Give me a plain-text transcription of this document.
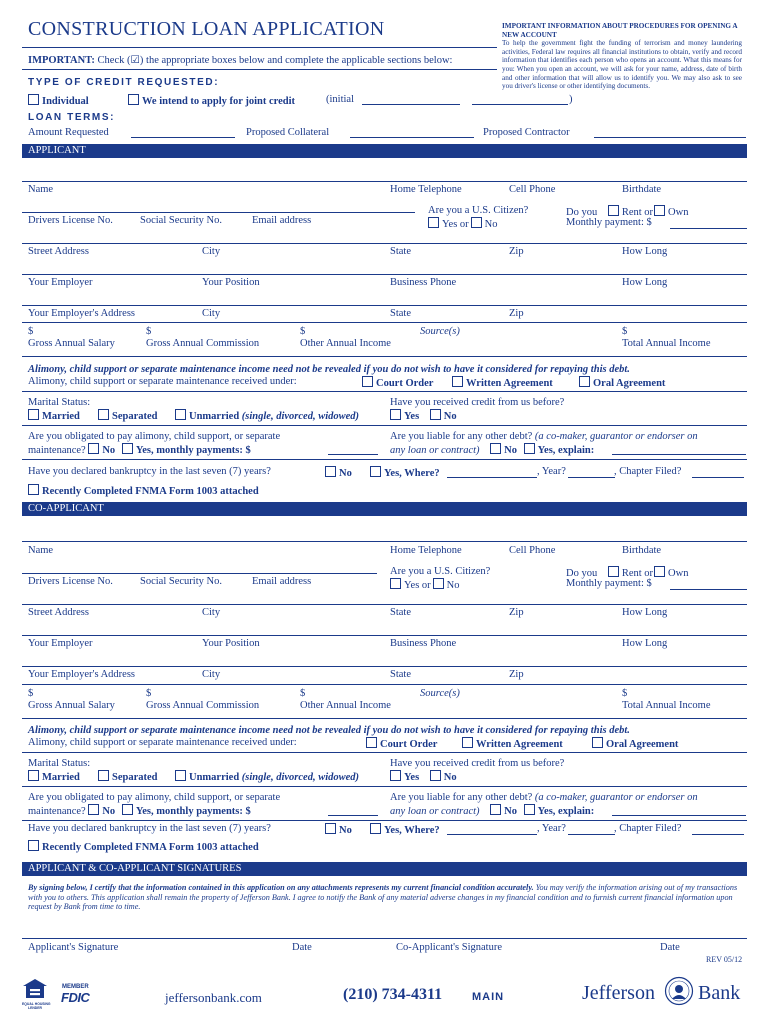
CONSTRUCTION LOAN APPLICATION
IMPORTANT: Check (☑) the appropriate boxes below and complete the applicable sections below:
IMPORTANT INFORMATION ABOUT PROCEDURES FOR OPENING A NEW ACCOUNT
To help the government fight the funding of terrorism and money laundering activities, Federal law requires all financial institutions to obtain, verify and record information that identifies each person who opens an account. What this means for you: When you open an account, we will ask for your name, address, date of birth and other information that will allow us to identify you. We may also ask to see you driver's license or other identifying documents.
TYPE OF CREDIT REQUESTED:
Individual	We intend to apply for joint credit	(initial	)
LOAN TERMS:
Amount Requested	Proposed Collateral	Proposed Contractor
APPLICANT
Name	Home Telephone	Cell Phone	Birthdate
Drivers License No.	Social Security No.	Email address
Are you a U.S. Citizen?
Yes or No
Do you Rent or Own
Monthly payment: $
Street Address	City	State	Zip	How Long
Your Employer	Your Position	Business Phone	How Long
Your Employer's Address	City	State	Zip
$	$	$	Source(s)	$
Gross Annual Salary	Gross Annual Commission	Other Annual Income	Total Annual Income
Alimony, child support or separate maintenance income need not be revealed if you do not wish to have it considered for repaying this debt.
Alimony, child support or separate maintenance received under:	Court Order	Written Agreement	Oral Agreement
Marital Status:
Married	Separated	Unmarried (single, divorced, widowed)
Have you received credit from us before?
Yes No
Are you obligated to pay alimony, child support, or separate
maintenance? No Yes, monthly payments: $
Are you liable for any other debt? (a co-maker, guarantor or endorser on
any loan or contract) No Yes, explain:
Have you declared bankruptcy in the last seven (7) years?	No	Yes, Where?	, Year?	, Chapter Filed?
Recently Completed FNMA Form 1003 attached
CO-APPLICANT
Name	Home Telephone	Cell Phone	Birthdate
Drivers License No.	Social Security No.	Email address
Are you a U.S. Citizen?
Yes or No
Do you Rent or Own
Monthly payment: $
Street Address	City	State	Zip	How Long
Your Employer	Your Position	Business Phone	How Long
Your Employer's Address	City	State	Zip
$	$	$	Source(s)	$
Gross Annual Salary	Gross Annual Commission	Other Annual Income	Total Annual Income
Alimony, child support or separate maintenance income need not be revealed if you do not wish to have it considered for repaying this debt.
Alimony, child support or separate maintenance received under:	Court Order	Written Agreement	Oral Agreement
Marital Status:
Married	Separated	Unmarried (single, divorced, widowed)
Have you received credit from us before?
Yes No
Are you obligated to pay alimony, child support, or separate
maintenance? No Yes, monthly payments: $
Are you liable for any other debt? (a co-maker, guarantor or endorser on
any loan or contract) No Yes, explain:
Have you declared bankruptcy in the last seven (7) years?	No	Yes, Where?	, Year?	, Chapter Filed?
Recently Completed FNMA Form 1003 attached
APPLICANT & CO-APPLICANT SIGNATURES
By signing below, I certify that the information contained in this application on any attachments represents my current financial condition accurately. You may verify the information arising out of my transactions with you to others. This application shall remain the property of Jefferson Bank. I agree to notify the Bank of any material adverse changes in my financial condition and to furnish current financial information upon request by Bank from time to time.
Applicant's Signature	Date	Co-Applicant's Signature	Date
REV 05/12
EQUAL HOUSING
LENDER
MEMBER
FDIC	jeffersonbank.com	(210) 734-4311	MAIN	Jefferson Bank
